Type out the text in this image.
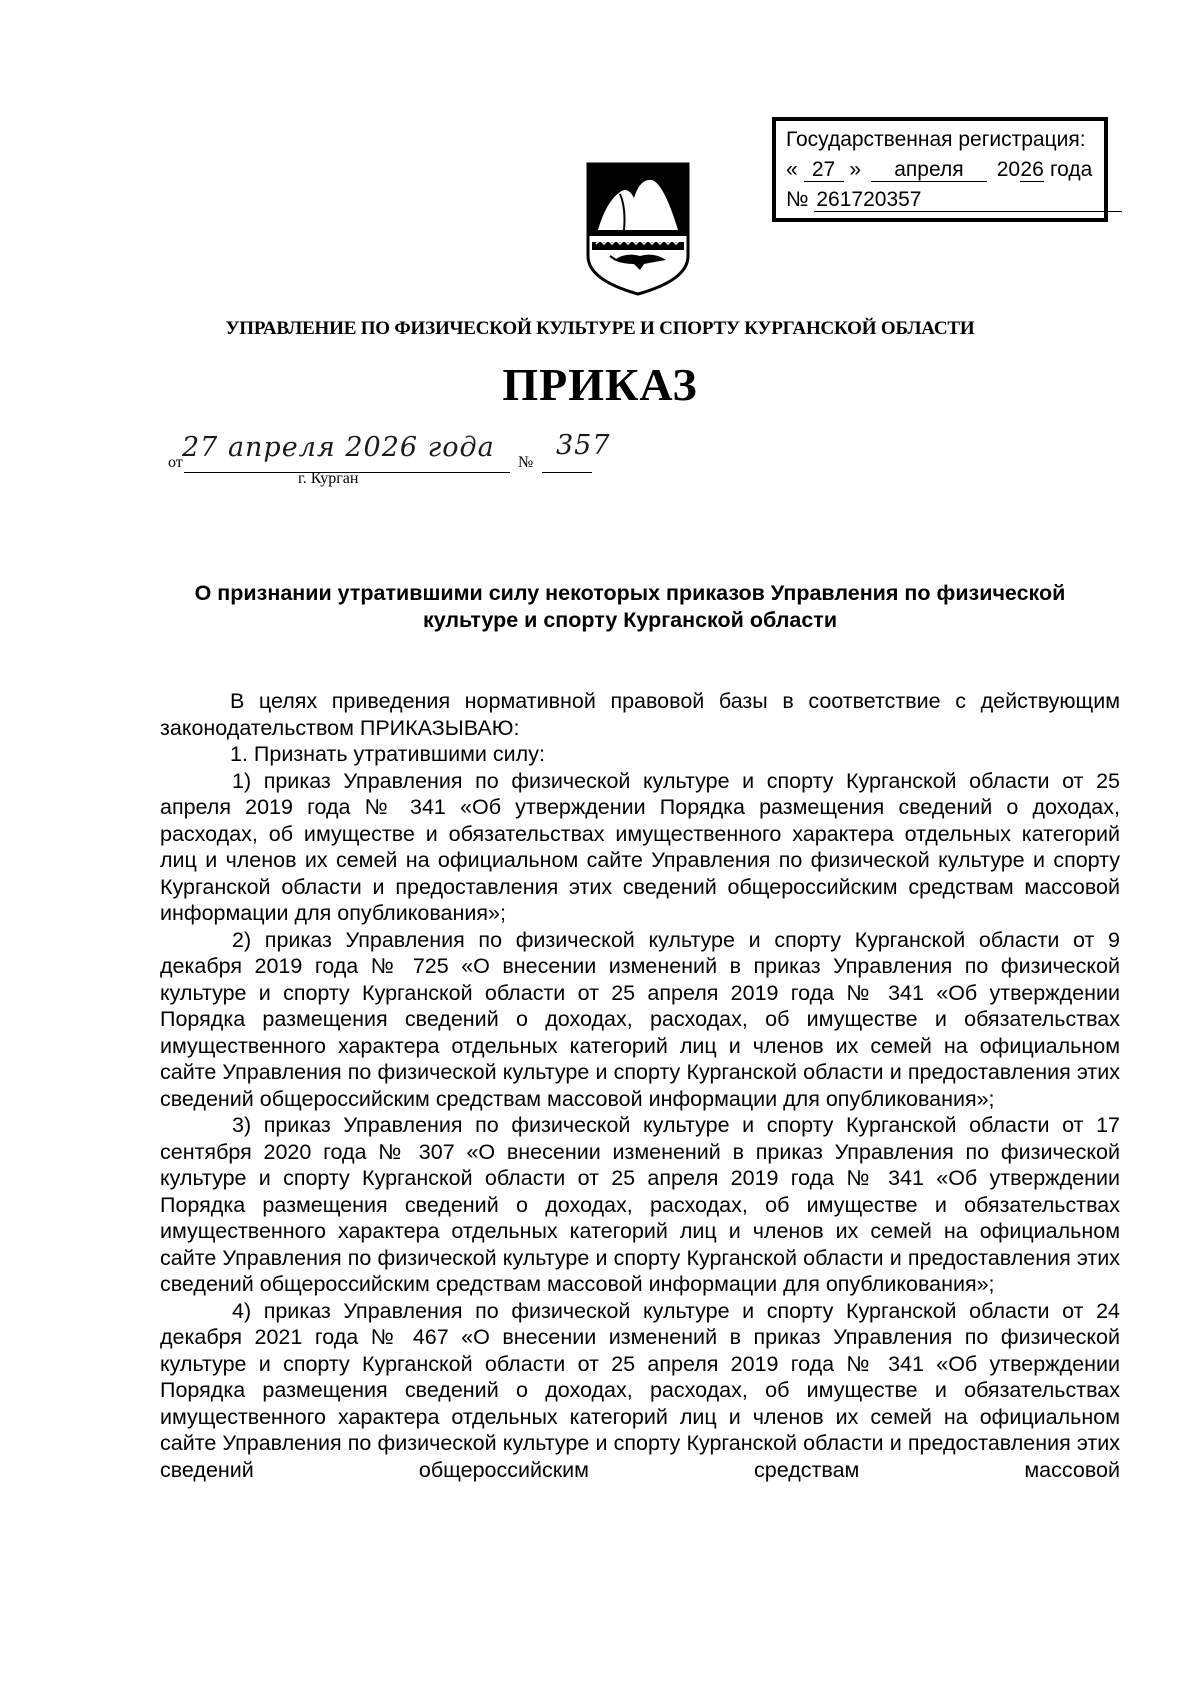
Государственная регистрация:
« 27 » апреля 2026 года
№ 261720357
УПРАВЛЕНИЕ ПО ФИЗИЧЕСКОЙ КУЛЬТУРЕ И СПОРТУ КУРГАНСКОЙ ОБЛАСТИ
ПРИКАЗ
от 27 апреля 2026 года №
357
г. Курган
О признании утратившими силу некоторых приказов Управления по физической культуре и спорту Курганской области

В целях приведения нормативной правовой базы в соответствие с действующим законодательством ПРИКАЗЫВАЮ:

1. Признать утратившими силу:

1) приказ Управления по физической культуре и спорту Курганской области от 25 апреля 2019 года № 341 «Об утверждении Порядка размещения сведений о доходах, расходах, об имуществе и обязательствах имущественного характера отдельных категорий лиц и членов их семей на официальном сайте Управления по физической культуре и спорту Курганской области и предоставления этих сведений общероссийским средствам массовой информации для опубликования»;

2) приказ Управления по физической культуре и спорту Курганской области от 9 декабря 2019 года № 725 «О внесении изменений в приказ Управления по физической культуре и спорту Курганской области от 25 апреля 2019 года № 341 «Об утверждении Порядка размещения сведений о доходах, расходах, об имуществе и обязательствах имущественного характера отдельных категорий лиц и членов их семей на официальном сайте Управления по физической культуре и спорту Курганской области и предоставления этих сведений общероссийским средствам массовой информации для опубликования»;

3) приказ Управления по физической культуре и спорту Курганской области от 17 сентября 2020 года № 307 «О внесении изменений в приказ Управления по физической культуре и спорту Курганской области от 25 апреля 2019 года № 341 «Об утверждении Порядка размещения сведений о доходах, расходах, об имуществе и обязательствах имущественного характера отдельных категорий лиц и членов их семей на официальном сайте Управления по физической культуре и спорту Курганской области и предоставления этих сведений общероссийским средствам массовой информации для опубликования»;

4) приказ Управления по физической культуре и спорту Курганской области от 24 декабря 2021 года № 467 «О внесении изменений в приказ Управления по физической культуре и спорту Курганской области от 25 апреля 2019 года № 341 «Об утверждении Порядка размещения сведений о доходах, расходах, об имуществе и обязательствах имущественного характера отдельных категорий лиц и членов их семей на официальном сайте Управления по физической культуре и спорту Курганской области и предоставления этих сведений общероссийским средствам массовой
